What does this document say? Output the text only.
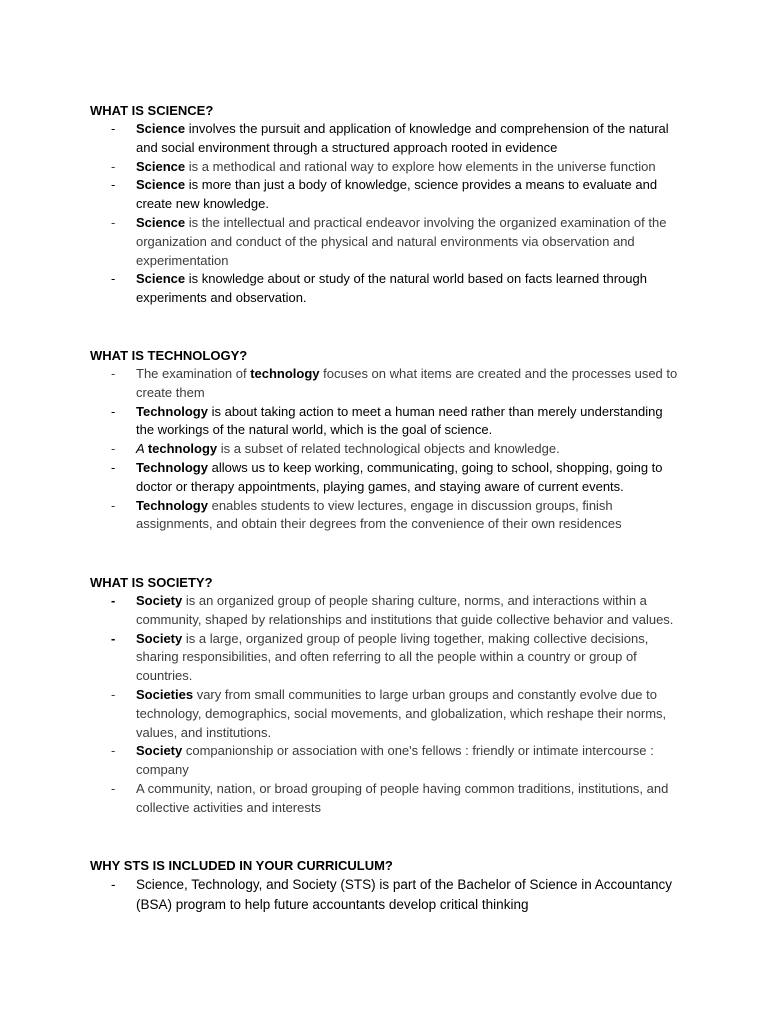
WHAT IS SCIENCE?

- Science involves the pursuit and application of knowledge and comprehension of the natural and social environment through a structured approach rooted in evidence
- Science is a methodical and rational way to explore how elements in the universe function
- Science is more than just a body of knowledge, science provides a means to evaluate and create new knowledge.
- Science is the intellectual and practical endeavor involving the organized examination of the organization and conduct of the physical and natural environments via observation and experimentation
- Science is knowledge about or study of the natural world based on facts learned through experiments and observation.

WHAT IS TECHNOLOGY?

- The examination of technology focuses on what items are created and the processes used to create them
- Technology is about taking action to meet a human need rather than merely understanding the workings of the natural world, which is the goal of science.
- A technology is a subset of related technological objects and knowledge.
- Technology allows us to keep working, communicating, going to school, shopping, going to doctor or therapy appointments, playing games, and staying aware of current events.
- Technology enables students to view lectures, engage in discussion groups, finish assignments, and obtain their degrees from the convenience of their own residences

WHAT IS SOCIETY?

- Society is an organized group of people sharing culture, norms, and interactions within a community, shaped by relationships and institutions that guide collective behavior and values.
- Society is a large, organized group of people living together, making collective decisions, sharing responsibilities, and often referring to all the people within a country or group of countries.
- Societies vary from small communities to large urban groups and constantly evolve due to technology, demographics, social movements, and globalization, which reshape their norms, values, and institutions.
- Society companionship or association with one's fellows : friendly or intimate intercourse : company
- A community, nation, or broad grouping of people having common traditions, institutions, and collective activities and interests

WHY STS IS INCLUDED IN YOUR CURRICULUM?

- Science, Technology, and Society (STS) is part of the Bachelor of Science in Accountancy (BSA) program to help future accountants develop critical thinking
